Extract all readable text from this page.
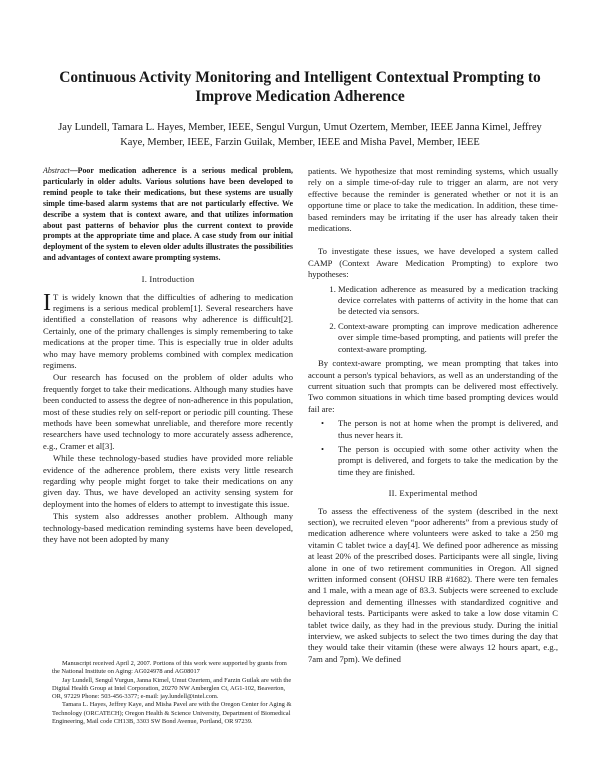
Continuous Activity Monitoring and Intelligent Contextual Prompting to Improve Medication Adherence
Jay Lundell, Tamara L. Hayes, Member, IEEE, Sengul Vurgun, Umut Ozertem, Member, IEEE Janna Kimel, Jeffrey Kaye, Member, IEEE, Farzin Guilak, Member, IEEE and Misha Pavel, Member, IEEE

Abstract—Poor medication adherence is a serious medical problem, particularly in older adults. Various solutions have been developed to remind people to take their medications, but these systems are usually simple time-based alarm systems that are not particularly effective. We describe a system that is context aware, and that utilizes information about past patterns of behavior plus the current context to provide prompts at the appropriate time and place. A case study from our initial deployment of the system to eleven older adults illustrates the possibilities and advantages of context aware prompting systems.

I. Introduction

I T is widely known that the difficulties of adhering to medication regimens is a serious medical problem[1]. Several researchers have identified a constellation of reasons why adherence is difficult[2]. Certainly, one of the primary challenges is simply remembering to take medications at the proper time. This is especially true in older adults who may have memory problems combined with complex medication regimens.

Our research has focused on the problem of older adults who frequently forget to take their medications. Although many studies have been conducted to assess the degree of non-adherence in this population, most of these studies rely on self-report or periodic pill counting. These methods have been somewhat unreliable, and therefore more recently researchers have used technology to more accurately assess adherence, e.g., Cramer et al[3].

While these technology-based studies have provided more reliable evidence of the adherence problem, there exists very little research regarding why people might forget to take their medications on any given day. Thus, we have developed an activity sensing system for deployment into the homes of elders to attempt to investigate this issue.

This system also addresses another problem. Although many technology-based medication reminding systems have been developed, they have not been adopted by many

Manuscript received April 2, 2007. Portions of this work were supported by grants from the National Institute on Aging: AG024978 and AG08017

Jay Lundell, Sengul Vurgun, Janna Kimel, Umut Ozertem, and Farzin Guilak are with the Digital Health Group at Intel Corporation, 20270 NW Amberglen Ct, AG1-102, Beaverton, OR, 97229 Phone: 503-456-3377; e-mail: jay.lundell@intel.com.

Tamara L. Hayes, Jeffrey Kaye, and Misha Pavel are with the Oregon Center for Aging & Technology (ORCATECH); Oregon Health & Science University, Department of Biomedical Engineering, Mail code CH13B, 3303 SW Bond Avenue, Portland, OR 97239.

patients. We hypothesize that most reminding systems, which usually rely on a simple time-of-day rule to trigger an alarm, are not very effective because the reminder is generated whether or not it is an opportune time or place to take the medication. In addition, these time-based reminders may be irritating if the user has already taken their medications.

To investigate these issues, we have developed a system called CAMP (Context Aware Medication Prompting) to explore two hypotheses:

1. Medication adherence as measured by a medication tracking device correlates with patterns of activity in the home that can be detected via sensors.
2. Context-aware prompting can improve medication adherence over simple time-based prompting, and patients will prefer the context-aware prompting.

By context-aware prompting, we mean prompting that takes into account a person's typical behaviors, as well as an understanding of the current situation such that prompts can be delivered most effectively. Two common situations in which time based prompting devices would fail are:

• The person is not at home when the prompt is delivered, and thus never hears it.
• The person is occupied with some other activity when the prompt is delivered, and forgets to take the medication by the time they are finished.
II. Experimental method

To assess the effectiveness of the system (described in the next section), we recruited eleven “poor adherents” from a previous study of medication adherence where volunteers were asked to take a 250 mg vitamin C tablet twice a day[4]. We defined poor adherence as missing at least 20% of the prescribed doses. Participants were all single, living alone in one of two retirement communities in Oregon. All signed written informed consent (OHSU IRB #1682). There were ten females and 1 male, with a mean age of 83.3. Subjects were screened to exclude depression and dementing illnesses with standardized cognitive and behavioral tests. Participants were asked to take a low dose vitamin C tablet twice daily, as they had in the previous study. During the initial interview, we asked subjects to select the two times during the day that they would take their vitamin (these were always 12 hours apart, e.g., 7am and 7pm). We defined
